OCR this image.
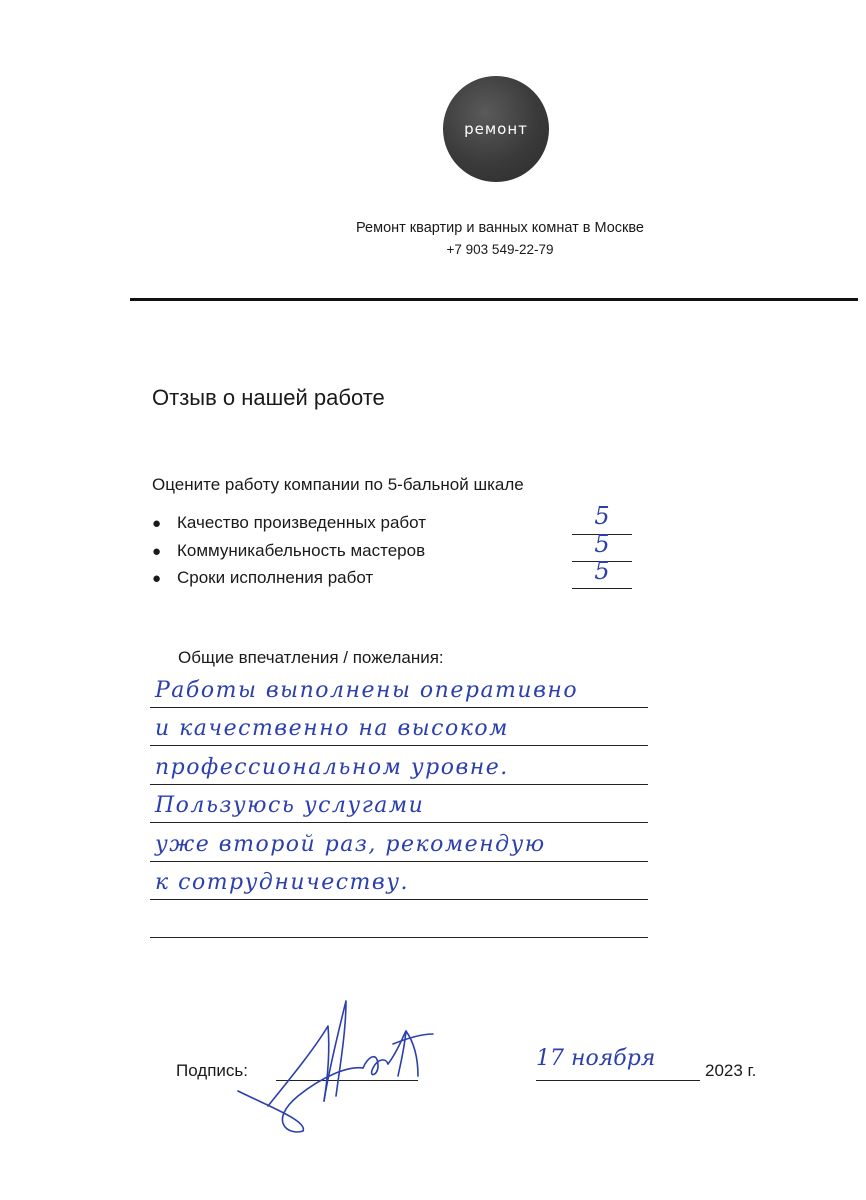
ремонт
Ремонт квартир и ванных комнат в Москве
+7 903 549-22-79
Отзыв о нашей работе
Оцените работу компании по 5-бальной шкале
● Качество произведенных работ	5
● Коммуникабельность мастеров	5
● Сроки исполнения работ	5
Общие впечатления / пожелания:
Работы выполнены оперативно
и качественно на высоком
профессиональном уровне.
Пользуюсь услугами
уже второй раз, рекомендую
к сотрудничеству.
Подпись:	17 ноября	2023 г.
